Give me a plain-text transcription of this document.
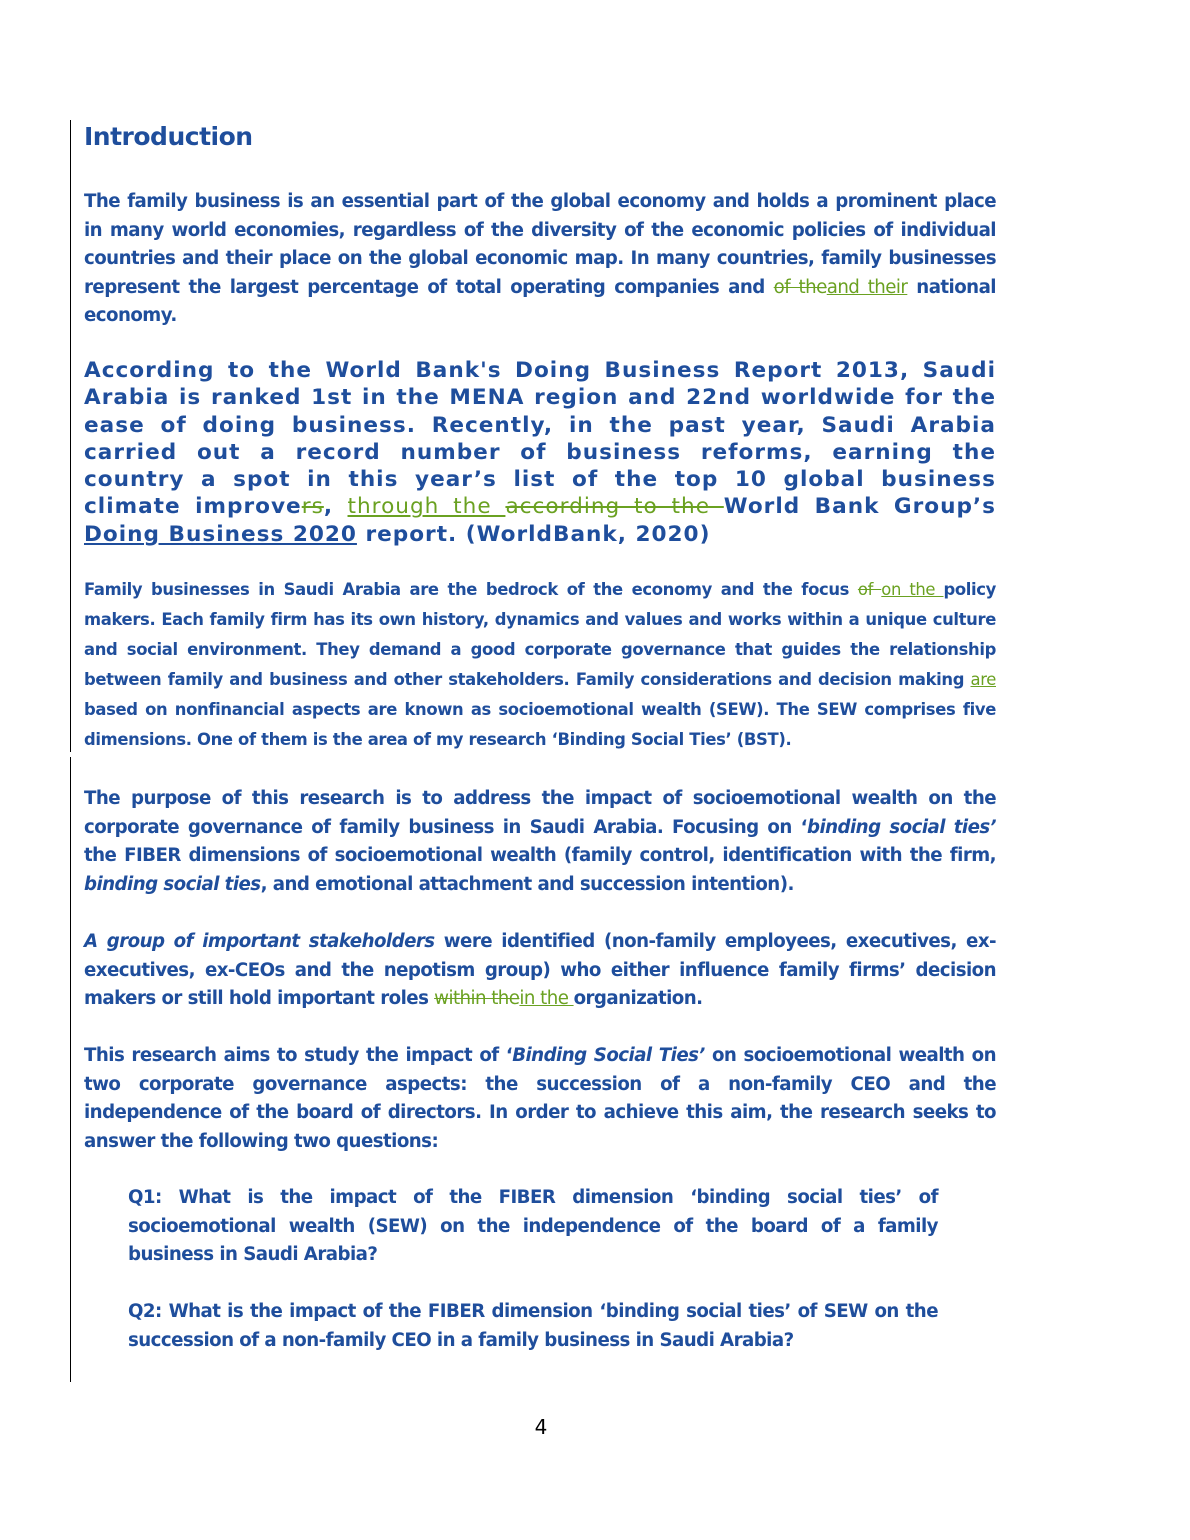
Introduction

The family business is an essential part of the global economy and holds a prominent place in many world economies, regardless of the diversity of the economic policies of individual countries and their place on the global economic map. In many countries, family businesses represent the largest percentage of total operating companies and of theand their national economy.

According to the World Bank's Doing Business Report 2013, Saudi Arabia is ranked 1st in the MENA region and 22nd worldwide for the ease of doing business. Recently, in the past year, Saudi Arabia carried out a record number of business reforms, earning the country a spot in this year’s list of the top 10 global business climate improvers, through the according to the World Bank Group’s Doing Business 2020 report. (WorldBank, 2020)

Family businesses in Saudi Arabia are the bedrock of the economy and the focus of on the policy makers. Each family firm has its own history, dynamics and values and works within a unique culture and social environment. They demand a good corporate governance that guides the relationship between family and business and other stakeholders. Family considerations and decision making are based on nonfinancial aspects are known as socioemotional wealth (SEW). The SEW comprises five dimensions. One of them is the area of my research ‘Binding Social Ties’ (BST).

The purpose of this research is to address the impact of socioemotional wealth on the corporate governance of family business in Saudi Arabia. Focusing on ‘binding social ties’ the FIBER dimensions of socioemotional wealth (family control, identification with the firm, binding social ties, and emotional attachment and succession intention).

A group of important stakeholders were identified (non-family employees, executives, ex-executives, ex-CEOs and the nepotism group) who either influence family firms’ decision makers or still hold important roles within thein the organization.

This research aims to study the impact of ‘Binding Social Ties’ on socioemotional wealth on two corporate governance aspects: the succession of a non-family CEO and the independence of the board of directors. In order to achieve this aim, the research seeks to answer the following two questions:

Q1: What is the impact of the FIBER dimension ‘binding social ties’ of socioemotional wealth (SEW) on the independence of the board of a family business in Saudi Arabia?

Q2: What is the impact of the FIBER dimension ‘binding social ties’ of SEW on the succession of a non-family CEO in a family business in Saudi Arabia?

4
